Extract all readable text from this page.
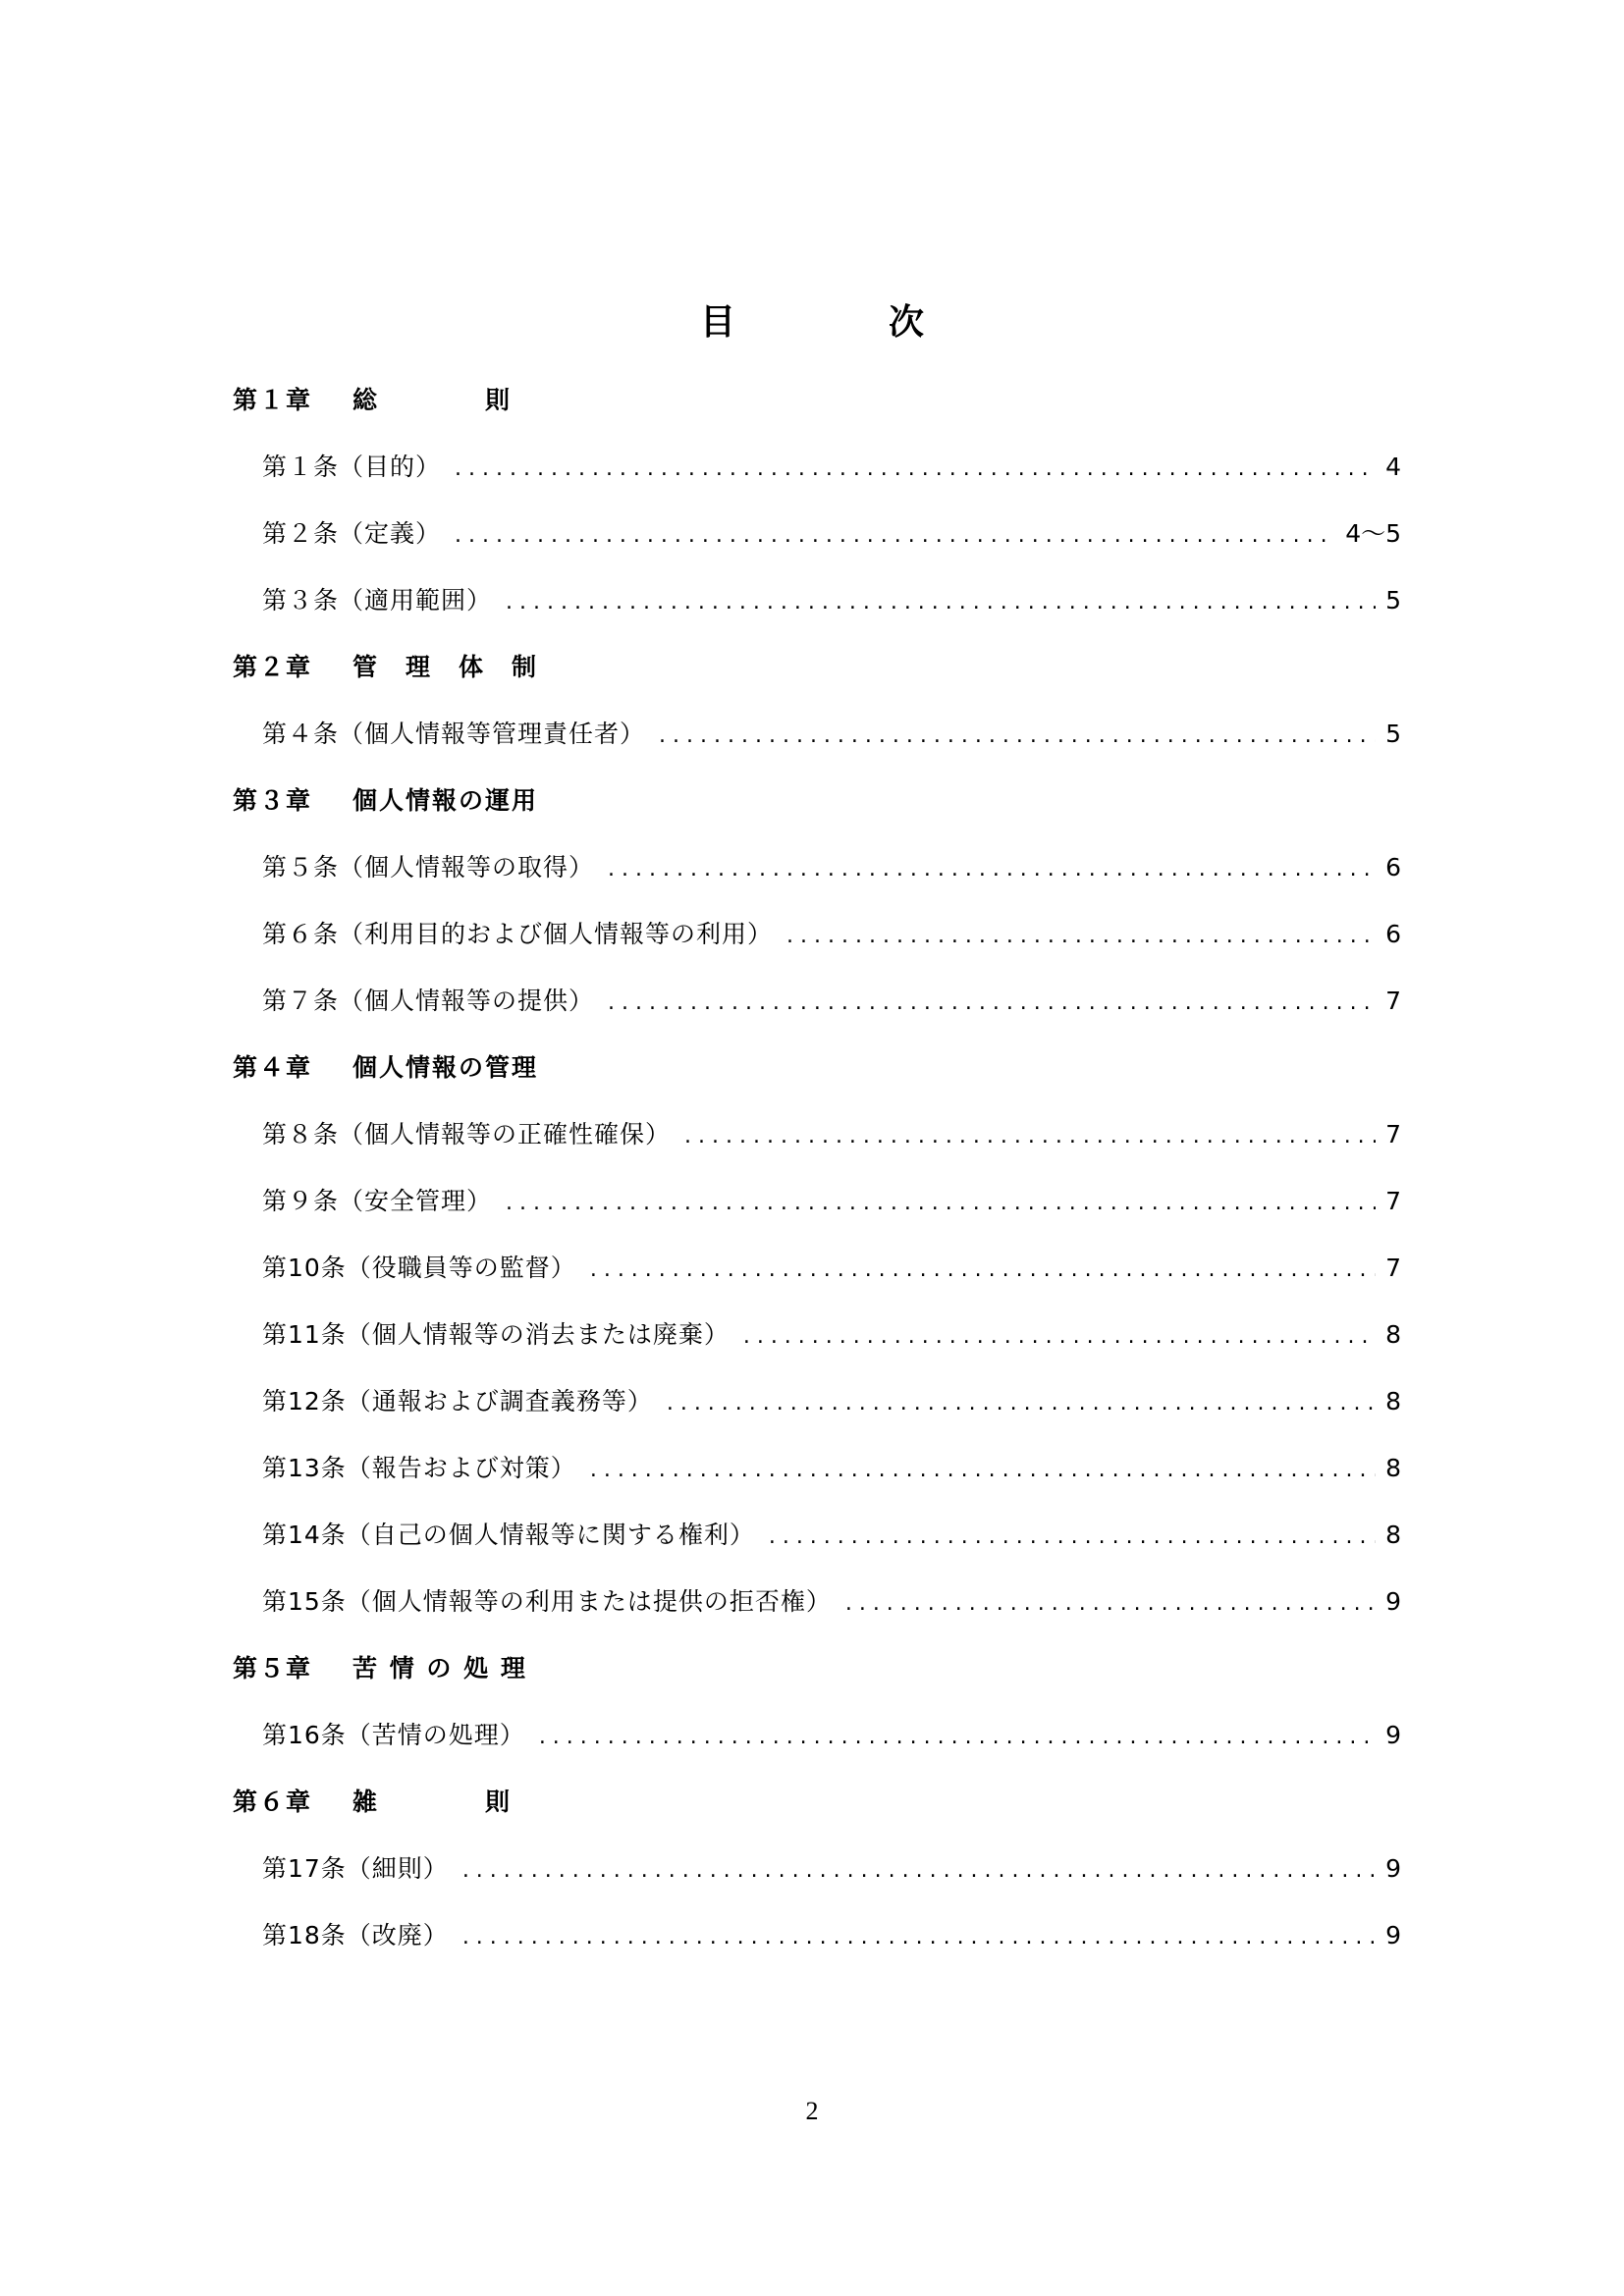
目　次
第１章	総　　　　則
第１条（目的） .....	4
第２条（定義） .....	4～5
第３条（適用範囲） .....	5
第２章	管　理　体　制
第４条（個人情報等管理責任者） .....	5
第３章	個人情報の運用
第５条（個人情報等の取得） .....	6
第６条（利用目的および個人情報等の利用） .....	6
第７条（個人情報等の提供） .....	7
第４章	個人情報の管理
第８条（個人情報等の正確性確保） .....	7
第９条（安全管理） .....	7
第10条（役職員等の監督） .....	7
第11条（個人情報等の消去または廃棄） .....	8
第12条（通報および調査義務等） .....	8
第13条（報告および対策） .....	8
第14条（自己の個人情報等に関する権利） .....	8
第15条（個人情報等の利用または提供の拒否権） .....	9
第５章	苦 情 の 処 理
第16条（苦情の処理） .....	9
第６章	雑　　　　則
第17条（細則） .....	9
第18条（改廃） .....	9
2
